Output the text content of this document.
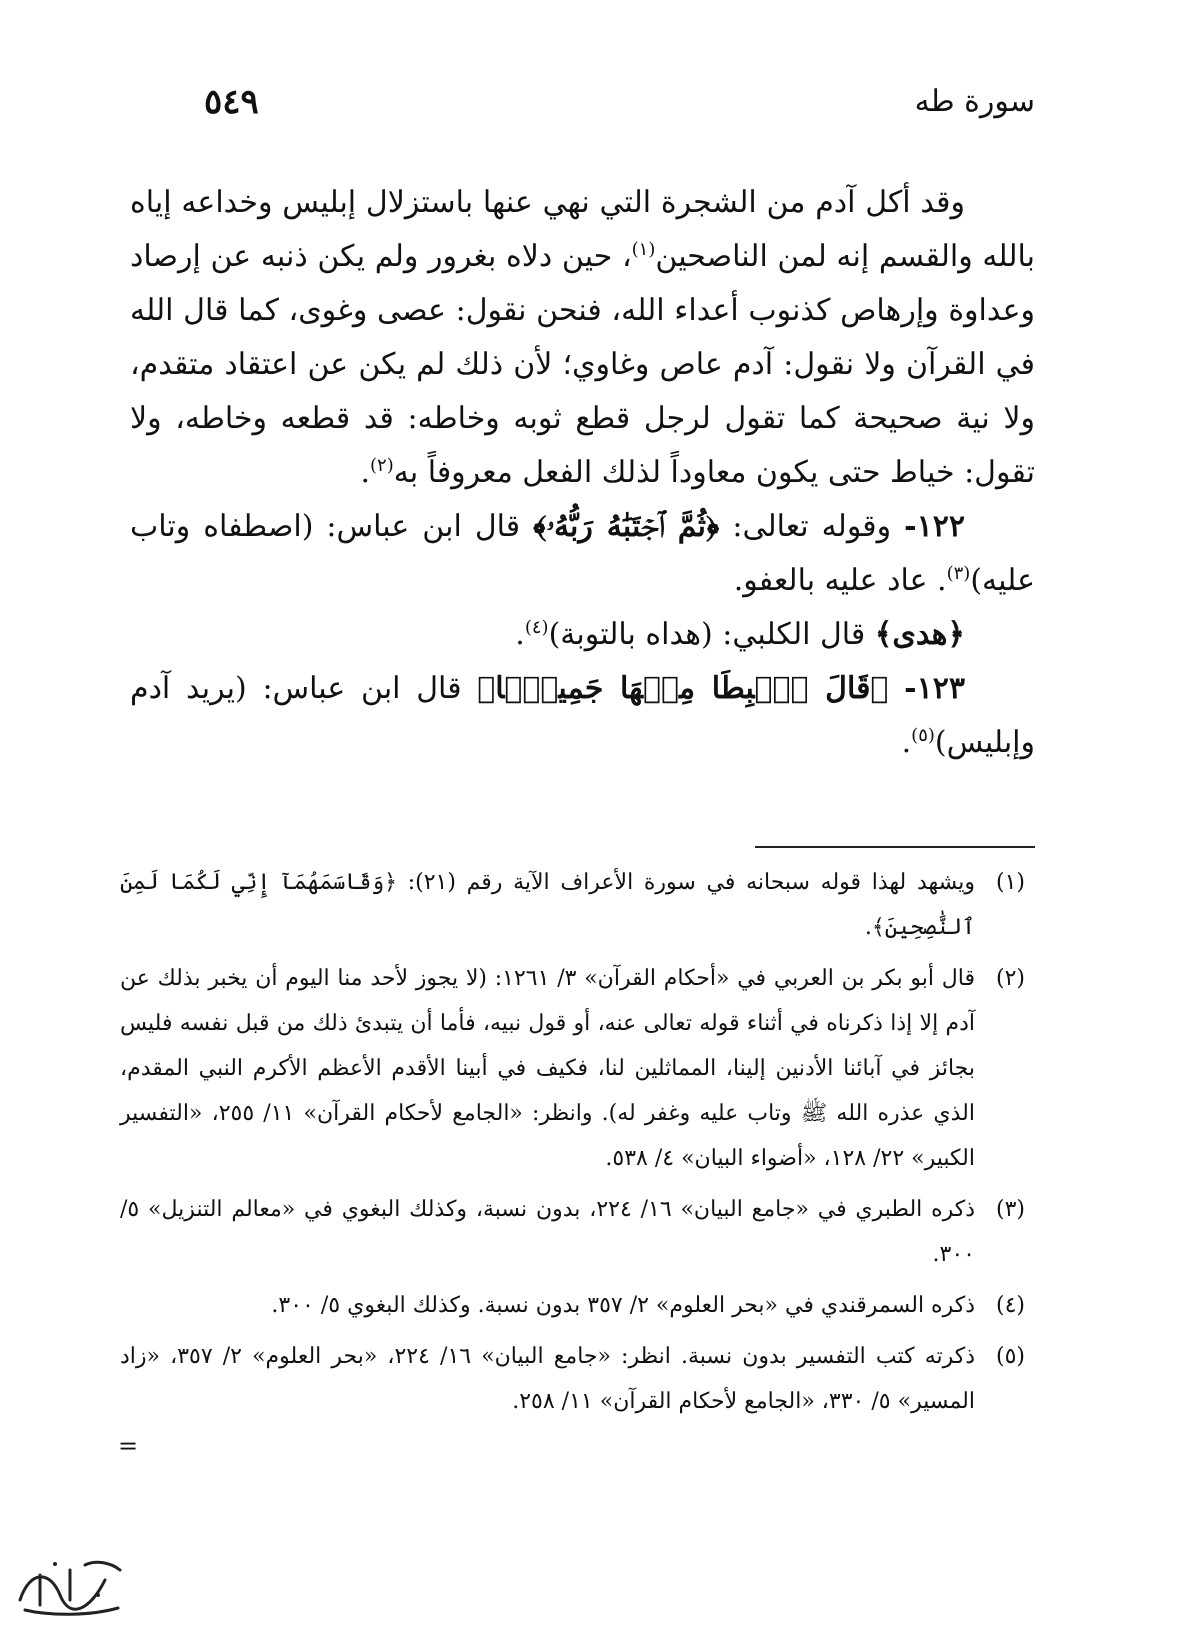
سورة طه
٥٤٩

وقد أكل آدم من الشجرة التي نهي عنها باستزلال إبليس وخداعه إياه بالله والقسم إنه لمن الناصحين$^{(١)}$، حين دلاه بغرور ولم يكن ذنبه عن إرصاد وعداوة وإرهاص كذنوب أعداء الله، فنحن نقول: عصى وغوى، كما قال الله في القرآن ولا نقول: آدم عاص وغاوي؛ لأن ذلك لم يكن عن اعتقاد متقدم، ولا نية صحيحة كما تقول لرجل قطع ثوبه وخاطه: قد قطعه وخاطه، ولا تقول: خياط حتى يكون معاوداً لذلك الفعل معروفاً به$^{(٢)}$.

١٢٢- وقوله تعالى: ﴿ثُمَّ ٱجۡتَبَٰهُ رَبُّهُۥ﴾ قال ابن عباس: (اصطفاه وتاب عليه)$^{(٣)}$. عاد عليه بالعفو.

﴿هدى﴾ قال الكلبي: (هداه بالتوبة)$^{(٤)}$.

١٢٣- ﴿قَالَ ٱهۡبِطَا مِنۡهَا جَمِيعَۢا﴾ قال ابن عباس: (يريد آدم وإبليس)$^{(٥)}$.

(١)
ويشهد لهذا قوله سبحانه في سورة الأعراف الآية رقم (٢١): ﴿وَقَاسَمَهُمَآ إِنِّي لَكُمَا لَمِنَ ٱلنَّٰصِحِينَ﴾.
(٢)
قال أبو بكر بن العربي في «أحكام القرآن» ٣/ ١٢٦١: (لا يجوز لأحد منا اليوم أن يخبر بذلك عن آدم إلا إذا ذكرناه في أثناء قوله تعالى عنه، أو قول نبيه، فأما أن يتبدئ ذلك من قبل نفسه فليس بجائز في آبائنا الأدنين إلينا، المماثلين لنا، فكيف في أبينا الأقدم الأعظم الأكرم النبي المقدم، الذي عذره الله ﷺ وتاب عليه وغفر له). وانظر: «الجامع لأحكام القرآن» ١١/ ٢٥٥، «التفسير الكبير» ٢٢/ ١٢٨، «أضواء البيان» ٤/ ٥٣٨.
(٣)
ذكره الطبري في «جامع البيان» ١٦/ ٢٢٤، بدون نسبة، وكذلك البغوي في «معالم التنزيل» ٥/ ٣٠٠.
(٤)
ذكره السمرقندي في «بحر العلوم» ٢/ ٣٥٧ بدون نسبة. وكذلك البغوي ٥/ ٣٠٠.
(٥)
ذكرته كتب التفسير بدون نسبة. انظر: «جامع البيان» ١٦/ ٢٢٤، «بحر العلوم» ٢/ ٣٥٧، «زاد المسير» ٥/ ٣٣٠، «الجامع لأحكام القرآن» ١١/ ٢٥٨.
=
